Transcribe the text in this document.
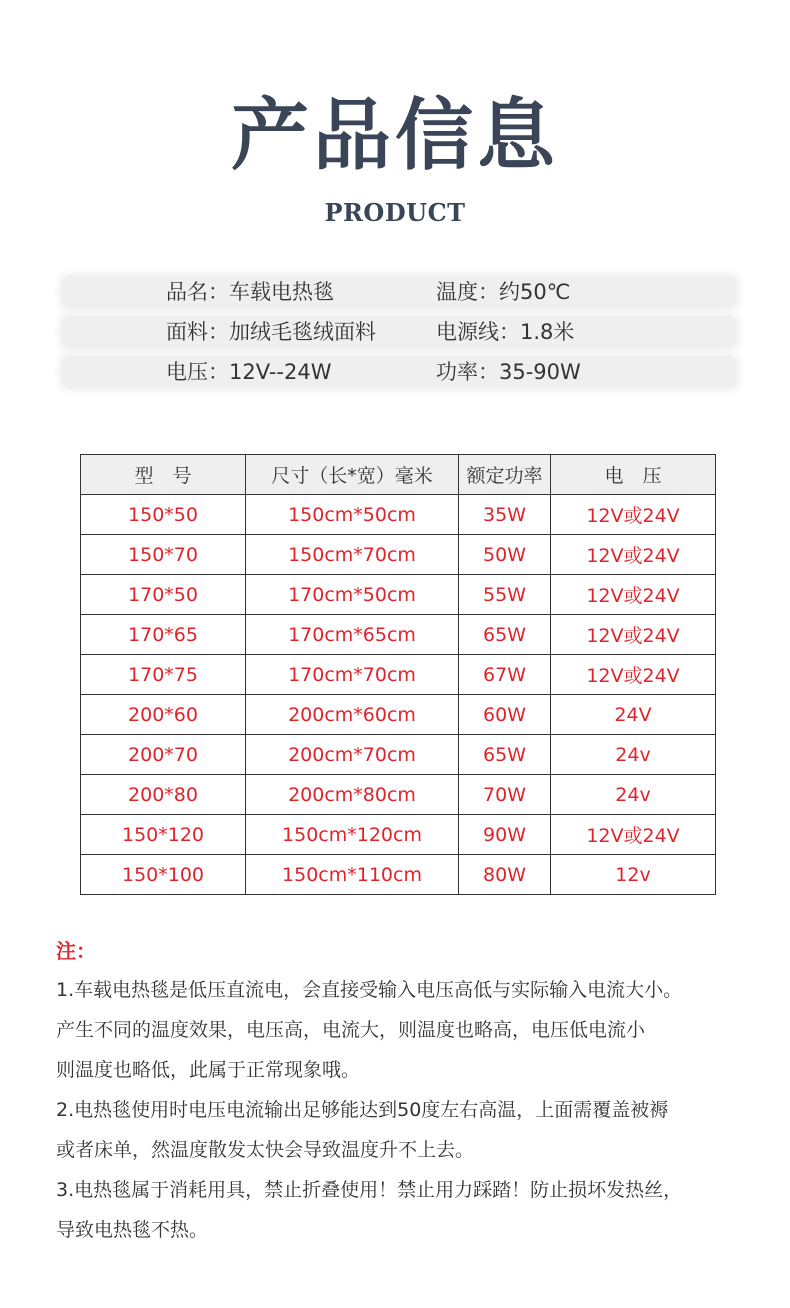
产品信息
PRODUCT
品名：车载电热毯	温度：约50℃
面料：加绒毛毯绒面料	电源线：1.8米
电压：12V--24W	功率：35-90W
型　号	尺寸（长*宽）毫米	额定功率	电　压
150*50	150cm*50cm	35W	12V或24V
150*70	150cm*70cm	50W	12V或24V
170*50	170cm*50cm	55W	12V或24V
170*65	170cm*65cm	65W	12V或24V
170*75	170cm*70cm	67W	12V或24V
200*60	200cm*60cm	60W	24V
200*70	200cm*70cm	65W	24v
200*80	200cm*80cm	70W	24v
150*120	150cm*120cm	90W	12V或24V
150*100	150cm*110cm	80W	12v
注：
1.车载电热毯是低压直流电，会直接受输入电压高低与实际输入电流大小。
产生不同的温度效果，电压高，电流大，则温度也略高，电压低电流小
则温度也略低，此属于正常现象哦。
2.电热毯使用时电压电流输出足够能达到50度左右高温，上面需覆盖被褥
或者床单，然温度散发太快会导致温度升不上去。
3.电热毯属于消耗用具，禁止折叠使用！禁止用力踩踏！防止损坏发热丝，
导致电热毯不热。
